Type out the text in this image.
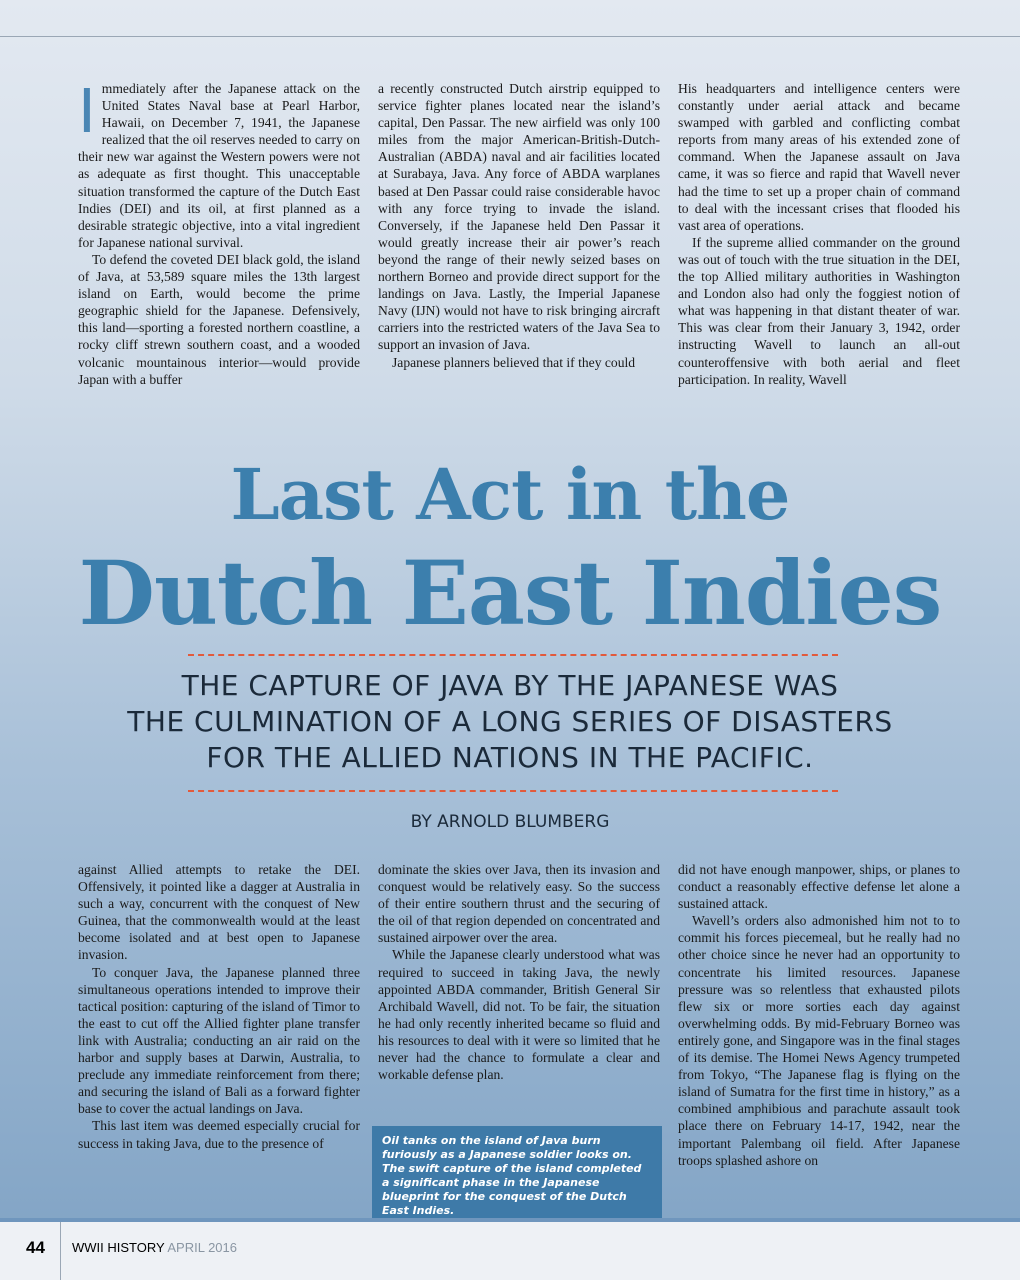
Immediately after the Japanese attack on the United States Naval base at Pearl Harbor, Hawaii, on December 7, 1941, the Japanese realized that the oil reserves needed to carry on their new war against the Western powers were not as adequate as first thought. This unacceptable situation transformed the capture of the Dutch East Indies (DEI) and its oil, at first planned as a desirable strategic objective, into a vital ingredient for Japanese national survival.

To defend the coveted DEI black gold, the island of Java, at 53,589 square miles the 13th largest island on Earth, would become the prime geographic shield for the Japanese. Defensively, this land—sporting a forested northern coastline, a rocky cliff strewn southern coast, and a wooded volcanic mountainous interior—would provide Japan with a buffer

a recently constructed Dutch airstrip equipped to service fighter planes located near the island’s capital, Den Passar. The new airfield was only 100 miles from the major American-British-Dutch-Australian (ABDA) naval and air facilities located at Surabaya, Java. Any force of ABDA warplanes based at Den Passar could raise considerable havoc with any force trying to invade the island. Conversely, if the Japanese held Den Passar it would greatly increase their air power’s reach beyond the range of their newly seized bases on northern Borneo and provide direct support for the landings on Java. Lastly, the Imperial Japanese Navy (IJN) would not have to risk bringing aircraft carriers into the restricted waters of the Java Sea to support an invasion of Java.

Japanese planners believed that if they could

His headquarters and intelligence centers were constantly under aerial attack and became swamped with garbled and conflicting combat reports from many areas of his extended zone of command. When the Japanese assault on Java came, it was so fierce and rapid that Wavell never had the time to set up a proper chain of command to deal with the incessant crises that flooded his vast area of operations.

If the supreme allied commander on the ground was out of touch with the true situation in the DEI, the top Allied military authorities in Washington and London also had only the foggiest notion of what was happening in that distant theater of war. This was clear from their January 3, 1942, order instructing Wavell to launch an all-out counteroffensive with both aerial and fleet participation. In reality, Wavell

Last Act in the
Dutch East Indies
THE CAPTURE OF JAVA BY THE JAPANESE WAS
THE CULMINATION OF A LONG SERIES OF DISASTERS
FOR THE ALLIED NATIONS IN THE PACIFIC.
BY ARNOLD BLUMBERG

against Allied attempts to retake the DEI. Offensively, it pointed like a dagger at Australia in such a way, concurrent with the conquest of New Guinea, that the commonwealth would at the least become isolated and at best open to Japanese invasion.

To conquer Java, the Japanese planned three simultaneous operations intended to improve their tactical position: capturing of the island of Timor to the east to cut off the Allied fighter plane transfer link with Australia; conducting an air raid on the harbor and supply bases at Darwin, Australia, to preclude any immediate reinforcement from there; and securing the island of Bali as a forward fighter base to cover the actual landings on Java.

This last item was deemed especially crucial for success in taking Java, due to the presence of

dominate the skies over Java, then its invasion and conquest would be relatively easy. So the success of their entire southern thrust and the securing of the oil of that region depended on concentrated and sustained airpower over the area.

While the Japanese clearly understood what was required to succeed in taking Java, the newly appointed ABDA commander, British General Sir Archibald Wavell, did not. To be fair, the situation he had only recently inherited became so fluid and his resources to deal with it were so limited that he never had the chance to formulate a clear and workable defense plan.

did not have enough manpower, ships, or planes to conduct a reasonably effective defense let alone a sustained attack.

Wavell’s orders also admonished him not to to commit his forces piecemeal, but he really had no other choice since he never had an opportunity to concentrate his limited resources. Japanese pressure was so relentless that exhausted pilots flew six or more sorties each day against overwhelming odds. By mid-February Borneo was entirely gone, and Singapore was in the final stages of its demise. The Homei News Agency trumpeted from Tokyo, “The Japanese flag is flying on the island of Sumatra for the first time in history,” as a combined amphibious and parachute assault took place there on February 14-17, 1942, near the important Palembang oil field. After Japanese troops splashed ashore on

Oil tanks on the island of Java burn furiously as a Japanese soldier looks on. The swift capture of the island completed a significant phase in the Japanese blueprint for the conquest of the Dutch East Indies.
44 WWII HISTORY APRIL 2016
